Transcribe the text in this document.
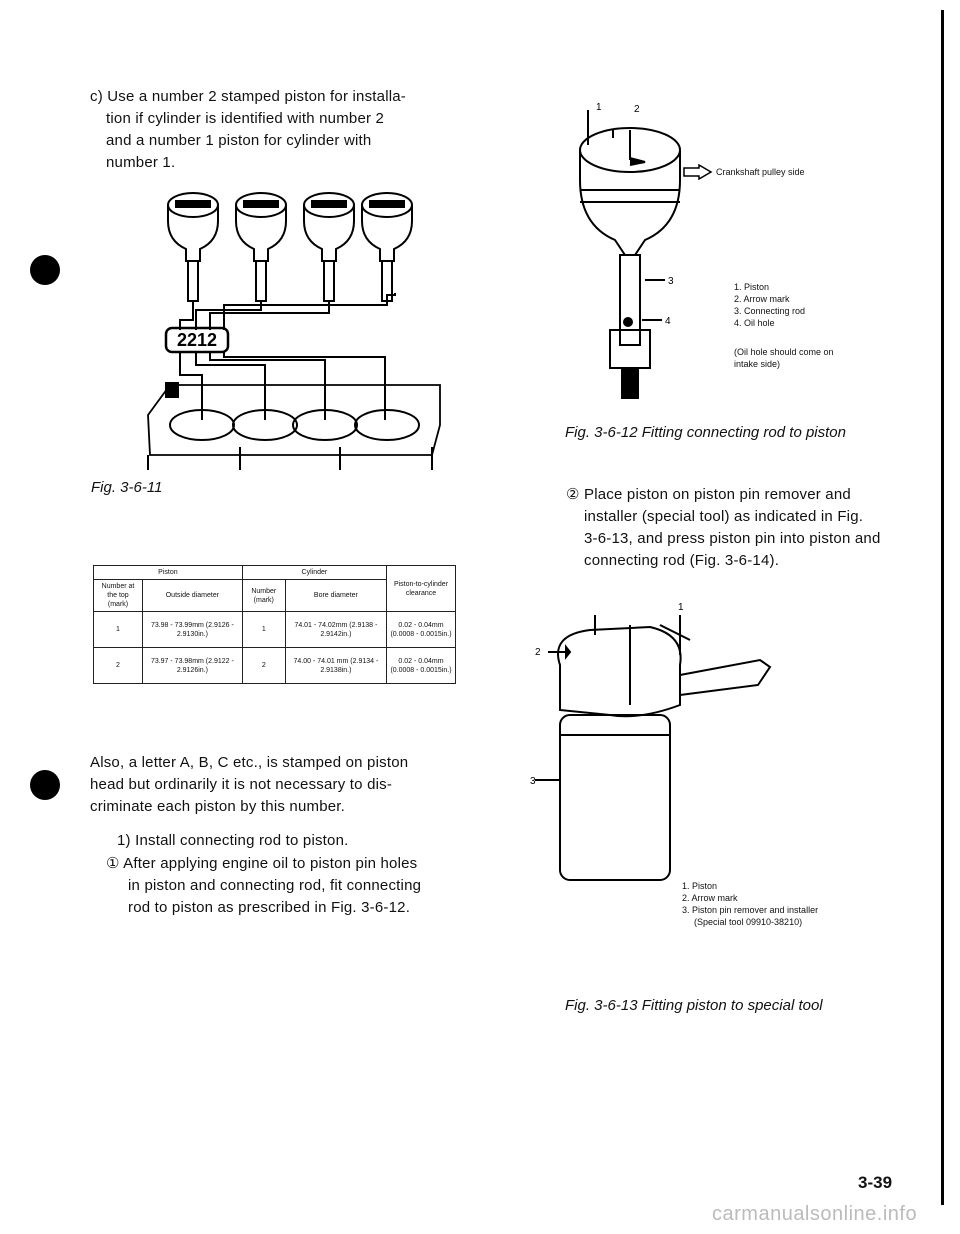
c) Use a number 2 stamped piston for installa-
tion if cylinder is identified with number 2
and a number 1 piston for cylinder with
number 1.
2212
Fig. 3-6-11
Piston		Cylinder		Piston-to-cylinder clearance
Number at the top (mark)	Outside diameter	Number (mark)	Bore diameter	
1	73.98 - 73.99mm (2.9126 - 2.9130in.)	1	74.01 - 74.02mm (2.9138 - 2.9142in.)	0.02 - 0.04mm (0.0008 - 0.0015in.)
2	73.97 - 73.98mm (2.9122 - 2.9126in.)	2	74.00 - 74.01 mm (2.9134 - 2.9138in.)	0.02 - 0.04mm (0.0008 - 0.0015in.)
Also, a letter A, B, C etc., is stamped on piston
head but ordinarily it is not necessary to dis-
criminate each piston by this number.
1) Install connecting rod to piston.
① After applying engine oil to piston pin holes
in piston and connecting rod, fit connecting
rod to piston as prescribed in Fig. 3-6-12.
1	2
3
4
Crankshaft pulley side
1. Piston
2. Arrow mark
3. Connecting rod
4. Oil hole
(Oil hole should come on
intake side)
Fig. 3-6-12 Fitting connecting rod to piston
② Place piston on piston pin remover and
installer (special tool) as indicated in Fig.
3-6-13, and press piston pin into piston and
connecting rod (Fig. 3-6-14).
1
2
3
1. Piston
2. Arrow mark
3. Piston pin remover and installer
(Special tool 09910-38210)
Fig. 3-6-13 Fitting piston to special tool
3-39
carmanualsonline.info
